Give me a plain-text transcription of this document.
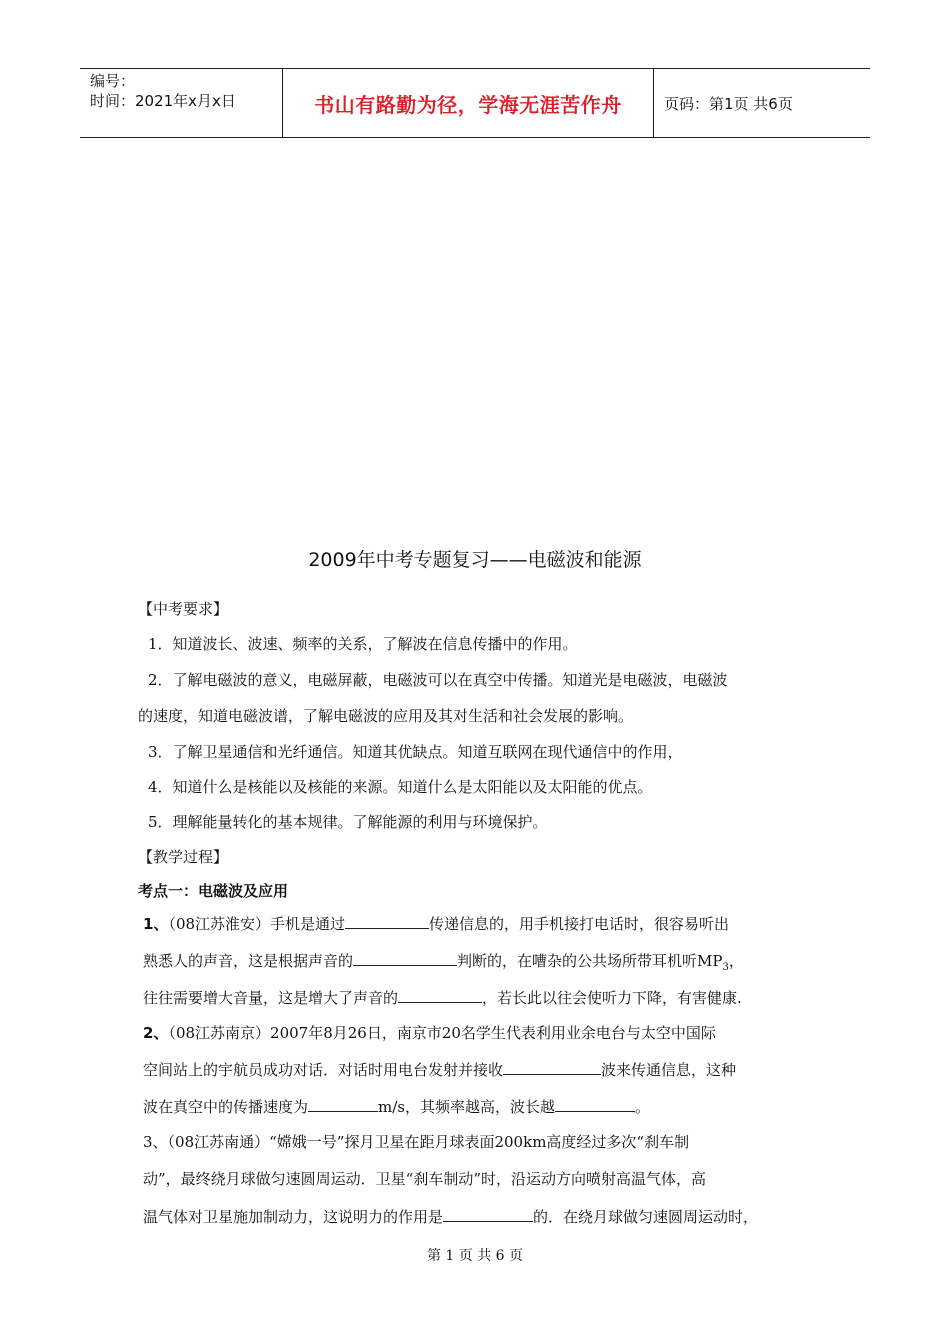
编号：
时间：2021年x月x日	书山有路勤为径，学海无涯苦作舟	页码：第1页 共6页
2009年中考专题复习——电磁波和能源
【中考要求】
1．知道波长、波速、频率的关系，了解波在信息传播中的作用。
2．了解电磁波的意义，电磁屏蔽，电磁波可以在真空中传播。知道光是电磁波，电磁波
的速度，知道电磁波谱，了解电磁波的应用及其对生活和社会发展的影响。
3．了解卫星通信和光纤通信。知道其优缺点。知道互联网在现代通信中的作用，
4．知道什么是核能以及核能的来源。知道什么是太阳能以及太阳能的优点。
5．理解能量转化的基本规律。了解能源的利用与环境保护。
【教学过程】
考点一：电磁波及应用
1、（08江苏淮安）手机是通过	传递信息的，用手机接打电话时，很容易听出
熟悉人的声音，这是根据声音的	判断的，在嘈杂的公共场所带耳机听$MP_3$，
往往需要增大音量，这是增大了声音的	，若长此以往会使听力下降，有害健康.
2、（08江苏南京）2007年8月26日，南京市20名学生代表利用业余电台与太空中国际
空间站上的宇航员成功对话．对话时用电台发射并接收	波来传通信息，这种
波在真空中的传播速度为	m/s，其频率越高，波长越	。
3、（08江苏南通）“嫦娥一号”探月卫星在距月球表面200km高度经过多次“刹车制
动”，最终绕月球做匀速圆周运动．卫星“刹车制动”时，沿运动方向喷射高温气体，高
温气体对卫星施加制动力，这说明力的作用是	的．在绕月球做匀速圆周运动时，
第 1 页 共 6 页
